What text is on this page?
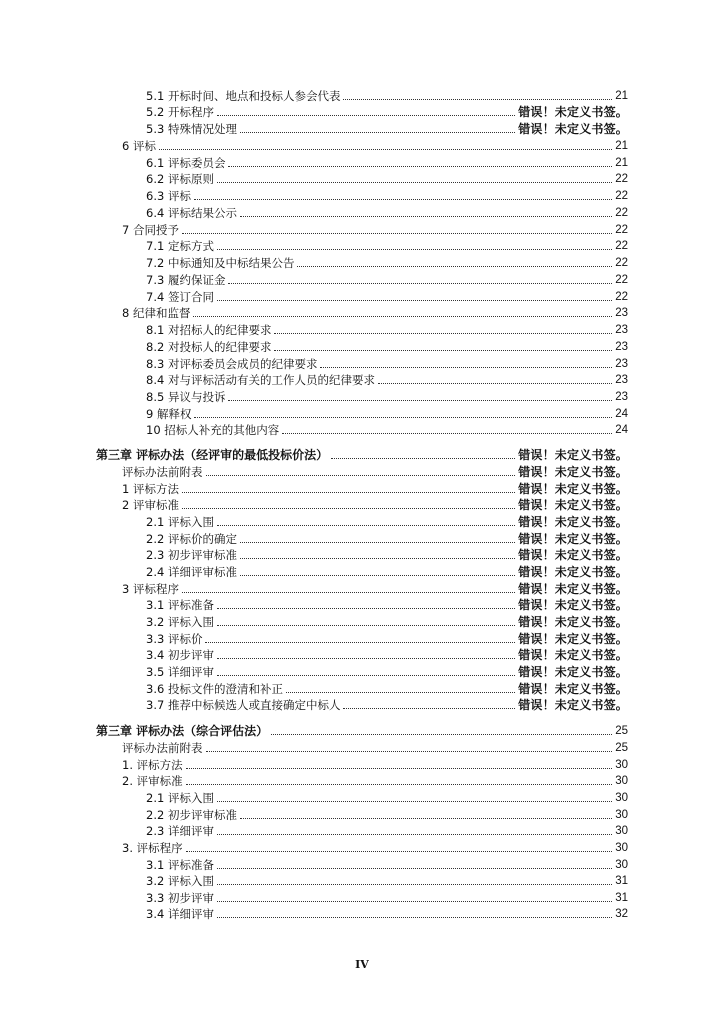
5.1 开标时间、地点和投标人参会代表	21
5.2 开标程序	错误！未定义书签。
5.3 特殊情况处理	错误！未定义书签。
6 评标	21
6.1 评标委员会	21
6.2 评标原则	22
6.3 评标	22
6.4 评标结果公示	22
7 合同授予	22
7.1 定标方式	22
7.2 中标通知及中标结果公告	22
7.3 履约保证金	22
7.4 签订合同	22
8 纪律和监督	23
8.1 对招标人的纪律要求	23
8.2 对投标人的纪律要求	23
8.3 对评标委员会成员的纪律要求	23
8.4 对与评标活动有关的工作人员的纪律要求	23
8.5 异议与投诉	23
9 解释权	24
10 招标人补充的其他内容	24
第三章 评标办法（经评审的最低投标价法）	错误！未定义书签。
评标办法前附表	错误！未定义书签。
1 评标方法	错误！未定义书签。
2 评审标准	错误！未定义书签。
2.1 评标入围	错误！未定义书签。
2.2 评标价的确定	错误！未定义书签。
2.3 初步评审标准	错误！未定义书签。
2.4 详细评审标准	错误！未定义书签。
3 评标程序	错误！未定义书签。
3.1 评标准备	错误！未定义书签。
3.2 评标入围	错误！未定义书签。
3.3 评标价	错误！未定义书签。
3.4 初步评审	错误！未定义书签。
3.5 详细评审	错误！未定义书签。
3.6 投标文件的澄清和补正	错误！未定义书签。
3.7 推荐中标候选人或直接确定中标人	错误！未定义书签。
第三章 评标办法（综合评估法）	25
评标办法前附表	25
1. 评标方法	30
2. 评审标准	30
2.1 评标入围	30
2.2 初步评审标准	30
2.3 详细评审	30
3. 评标程序	30
3.1 评标准备	30
3.2 评标入围	31
3.3 初步评审	31
3.4 详细评审	32
IV
